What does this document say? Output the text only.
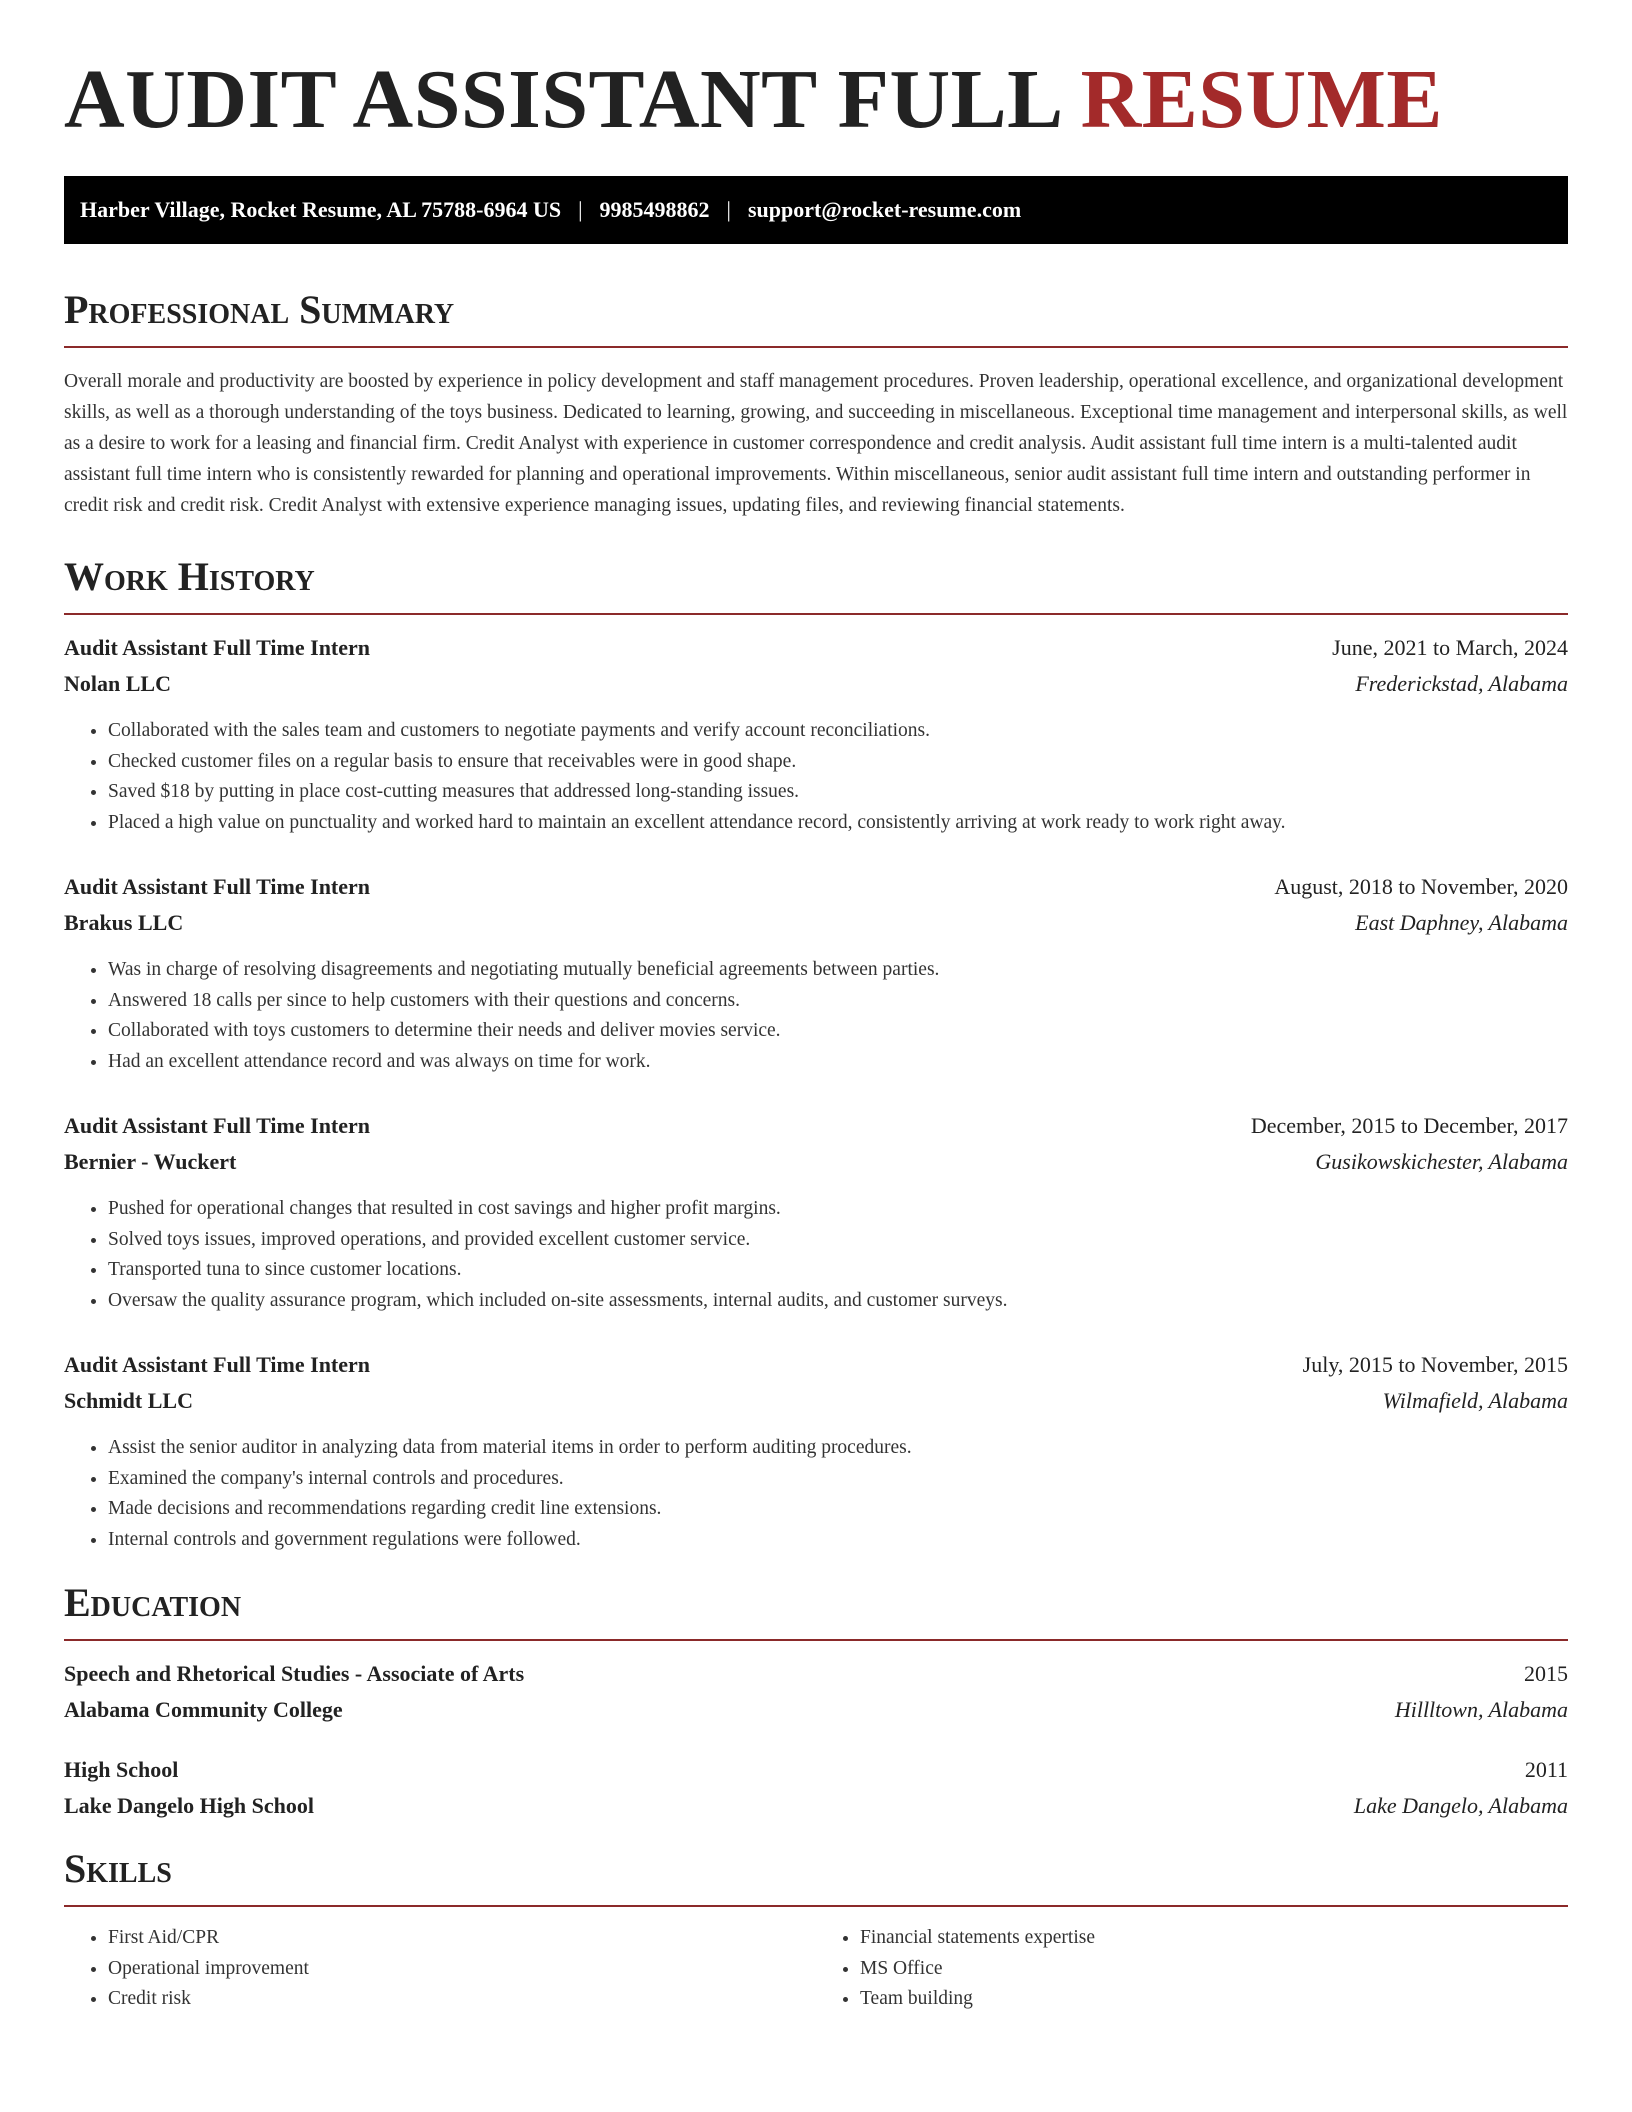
AUDIT ASSISTANT FULL RESUME
Harber Village, Rocket Resume, AL 75788-6964 US | 9985498862 | support@rocket-resume.com
Professional Summary

Overall morale and productivity are boosted by experience in policy development and staff management procedures. Proven leadership, operational excellence, and organizational development skills, as well as a thorough understanding of the toys business. Dedicated to learning, growing, and succeeding in miscellaneous. Exceptional time management and interpersonal skills, as well as a desire to work for a leasing and financial firm. Credit Analyst with experience in customer correspondence and credit analysis. Audit assistant full time intern is a multi-talented audit assistant full time intern who is consistently rewarded for planning and operational improvements. Within miscellaneous, senior audit assistant full time intern and outstanding performer in credit risk and credit risk. Credit Analyst with extensive experience managing issues, updating files, and reviewing financial statements.

Work History
Audit Assistant Full Time Intern	June, 2021 to March, 2024
Nolan LLC	Frederickstad, Alabama
• Collaborated with the sales team and customers to negotiate payments and verify account reconciliations.
• Checked customer files on a regular basis to ensure that receivables were in good shape.
• Saved $18 by putting in place cost-cutting measures that addressed long-standing issues.
• Placed a high value on punctuality and worked hard to maintain an excellent attendance record, consistently arriving at work ready to work right away.
Audit Assistant Full Time Intern	August, 2018 to November, 2020
Brakus LLC	East Daphney, Alabama
• Was in charge of resolving disagreements and negotiating mutually beneficial agreements between parties.
• Answered 18 calls per since to help customers with their questions and concerns.
• Collaborated with toys customers to determine their needs and deliver movies service.
• Had an excellent attendance record and was always on time for work.
Audit Assistant Full Time Intern	December, 2015 to December, 2017
Bernier - Wuckert	Gusikowskichester, Alabama
• Pushed for operational changes that resulted in cost savings and higher profit margins.
• Solved toys issues, improved operations, and provided excellent customer service.
• Transported tuna to since customer locations.
• Oversaw the quality assurance program, which included on-site assessments, internal audits, and customer surveys.
Audit Assistant Full Time Intern	July, 2015 to November, 2015
Schmidt LLC	Wilmafield, Alabama
• Assist the senior auditor in analyzing data from material items in order to perform auditing procedures.
• Examined the company's internal controls and procedures.
• Made decisions and recommendations regarding credit line extensions.
• Internal controls and government regulations were followed.
Education
Speech and Rhetorical Studies - Associate of Arts	2015
Alabama Community College	Hillltown, Alabama
High School	2011
Lake Dangelo High School	Lake Dangelo, Alabama
Skills
• First Aid/CPR
• Operational improvement
• Credit risk
• Financial statements expertise
• MS Office
• Team building
